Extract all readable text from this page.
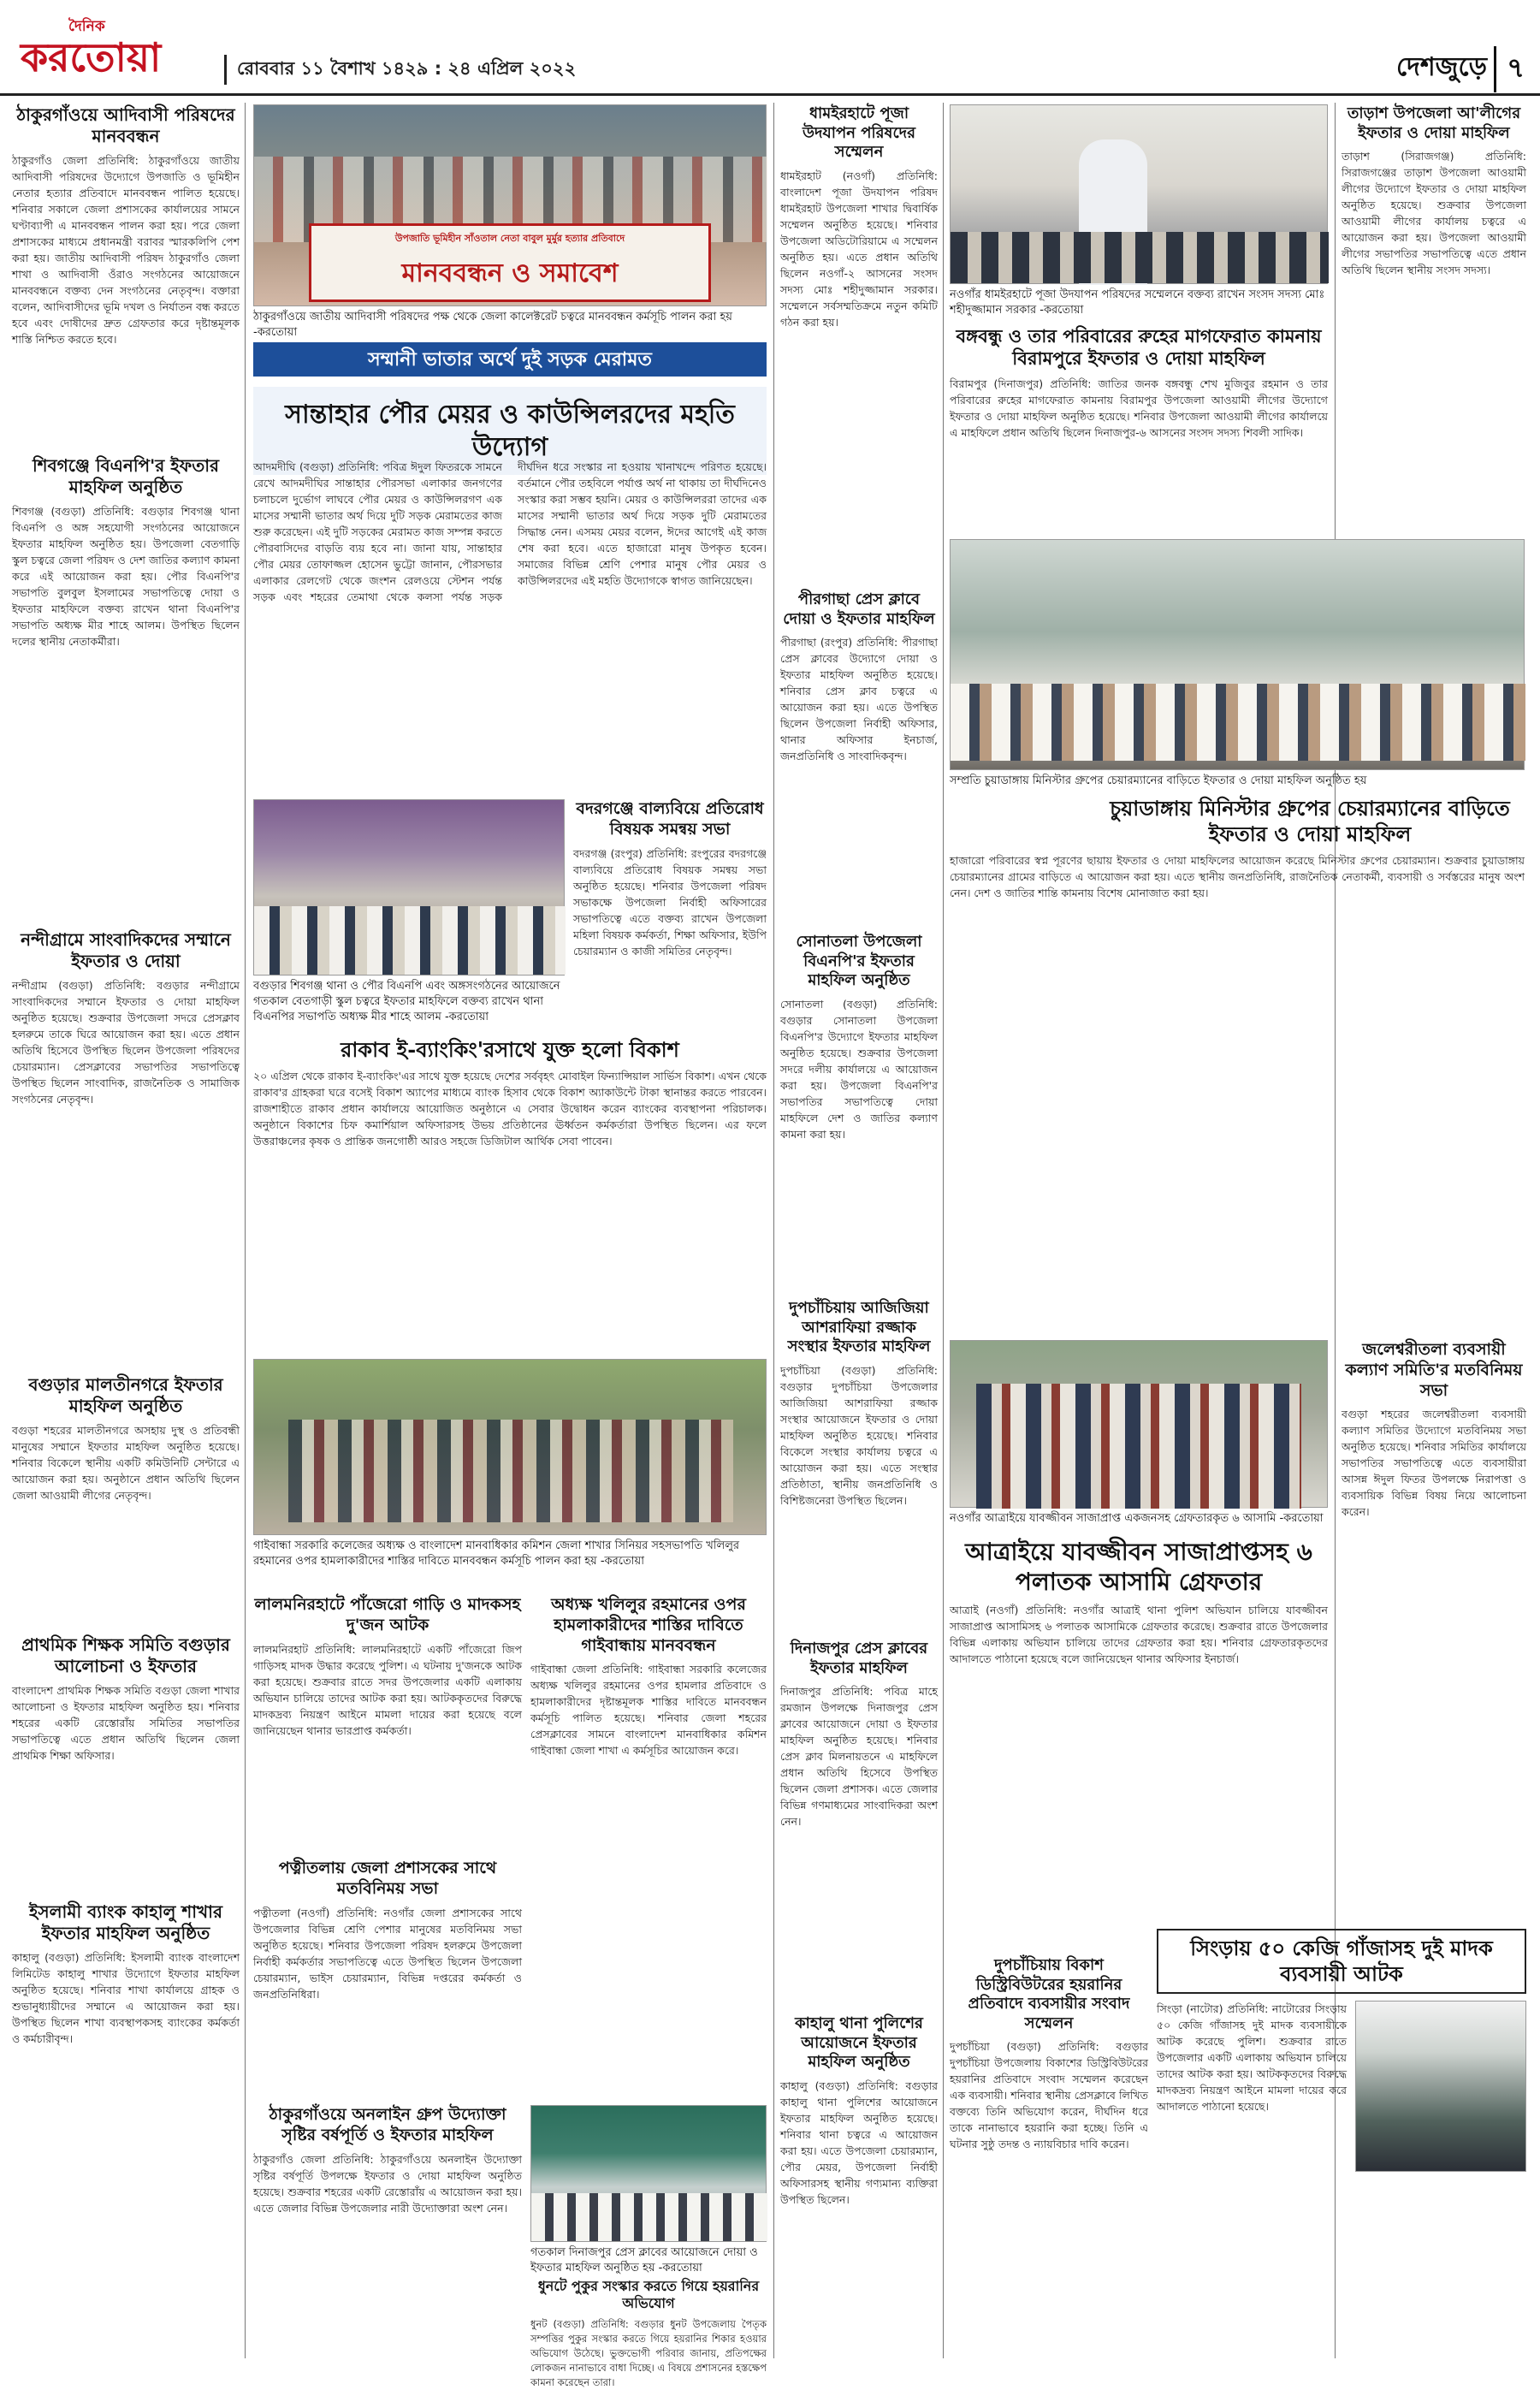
দৈনিক
করতোয়া	রোববার ১১ বৈশাখ ১৪২৯ : ২৪ এপ্রিল ২০২২	দেশজুড়ে ৭
ঠাকুরগাঁওয়ে আদিবাসী পরিষদের মানববন্ধন
ঠাকুরগাঁও জেলা প্রতিনিধি: ঠাকুরগাঁওয়ে জাতীয় আদিবাসী পরিষদের উদ্যোগে উপজাতি ও ভূমিহীন নেতার হত্যার প্রতিবাদে মানববন্ধন পালিত হয়েছে। শনিবার সকালে জেলা প্রশাসকের কার্যালয়ের সামনে ঘণ্টাব্যাপী এ মানববন্ধন পালন করা হয়। পরে জেলা প্রশাসকের মাধ্যমে প্রধানমন্ত্রী বরাবর স্মারকলিপি পেশ করা হয়। জাতীয় আদিবাসী পরিষদ ঠাকুরগাঁও জেলা শাখা ও আদিবাসী ওঁরাও সংগঠনের আয়োজনে মানববন্ধনে বক্তব্য দেন সংগঠনের নেতৃবৃন্দ। বক্তারা বলেন, আদিবাসীদের ভূমি দখল ও নির্যাতন বন্ধ করতে হবে এবং দোষীদের দ্রুত গ্রেফতার করে দৃষ্টান্তমূলক শাস্তি নিশ্চিত করতে হবে।
শিবগঞ্জে বিএনপি'র ইফতার মাহফিল অনুষ্ঠিত
শিবগঞ্জ (বগুড়া) প্রতিনিধি: বগুড়ার শিবগঞ্জ থানা বিএনপি ও অঙ্গ সহযোগী সংগঠনের আয়োজনে ইফতার মাহফিল অনুষ্ঠিত হয়। উপজেলা বেতগাড়ি স্কুল চত্বরে জেলা পরিষদ ও দেশ জাতির কল্যাণ কামনা করে এই আয়োজন করা হয়। পৌর বিএনপি'র সভাপতি বুলবুল ইসলামের সভাপতিত্বে দোয়া ও ইফতার মাহফিলে বক্তব্য রাখেন থানা বিএনপি'র সভাপতি অধ্যক্ষ মীর শাহে আলম। উপস্থিত ছিলেন দলের স্থানীয় নেতাকর্মীরা।
নন্দীগ্রামে সাংবাদিকদের সম্মানে ইফতার ও দোয়া
নন্দীগ্রাম (বগুড়া) প্রতিনিধি: বগুড়ার নন্দীগ্রামে সাংবাদিকদের সম্মানে ইফতার ও দোয়া মাহফিল অনুষ্ঠিত হয়েছে। শুক্রবার উপজেলা সদরে প্রেসক্লাব হলরুমে তাকে ঘিরে আয়োজন করা হয়। এতে প্রধান অতিথি হিসেবে উপস্থিত ছিলেন উপজেলা পরিষদের চেয়ারম্যান। প্রেসক্লাবের সভাপতির সভাপতিত্বে উপস্থিত ছিলেন সাংবাদিক, রাজনৈতিক ও সামাজিক সংগঠনের নেতৃবৃন্দ।
বগুড়ার মালতীনগরে ইফতার মাহফিল অনুষ্ঠিত
বগুড়া শহরের মালতীনগরে অসহায় দুস্থ ও প্রতিবন্ধী মানুষের সম্মানে ইফতার মাহফিল অনুষ্ঠিত হয়েছে। শনিবার বিকেলে স্থানীয় একটি কমিউনিটি সেন্টারে এ আয়োজন করা হয়। অনুষ্ঠানে প্রধান অতিথি ছিলেন জেলা আওয়ামী লীগের নেতৃবৃন্দ।
প্রাথমিক শিক্ষক সমিতি বগুড়ার আলোচনা ও ইফতার
বাংলাদেশ প্রাথমিক শিক্ষক সমিতি বগুড়া জেলা শাখার আলোচনা ও ইফতার মাহফিল অনুষ্ঠিত হয়। শনিবার শহরের একটি রেস্তোরাঁয় সমিতির সভাপতির সভাপতিত্বে এতে প্রধান অতিথি ছিলেন জেলা প্রাথমিক শিক্ষা অফিসার।
ইসলামী ব্যাংক কাহালু শাখার ইফতার মাহফিল অনুষ্ঠিত
কাহালু (বগুড়া) প্রতিনিধি: ইসলামী ব্যাংক বাংলাদেশ লিমিটেড কাহালু শাখার উদ্যোগে ইফতার মাহফিল অনুষ্ঠিত হয়েছে। শনিবার শাখা কার্যালয়ে গ্রাহক ও শুভানুধ্যায়ীদের সম্মানে এ আয়োজন করা হয়। উপস্থিত ছিলেন শাখা ব্যবস্থাপকসহ ব্যাংকের কর্মকর্তা ও কর্মচারীবৃন্দ।
উপজাতি ভূমিহীন সাঁওতাল নেতা বাবুল মুর্মুর হত্যার প্রতিবাদে
মানববন্ধন ও সমাবেশ
ঠাকুরগাঁওয়ে জাতীয় আদিবাসী পরিষদের পক্ষ থেকে জেলা কালেক্টরেট চত্বরে মানববন্ধন কর্মসূচি পালন করা হয় -করতোয়া
সম্মানী ভাতার অর্থে দুই সড়ক মেরামত
সান্তাহার পৌর মেয়র ও কাউন্সিলরদের মহতি উদ্যোগ
আদমদীঘি (বগুড়া) প্রতিনিধি: পবিত্র ঈদুল ফিতরকে সামনে রেখে আদমদীঘির সান্তাহার পৌরসভা এলাকার জনগণের চলাচলে দুর্ভোগ লাঘবে পৌর মেয়র ও কাউন্সিলরগণ এক মাসের সম্মানী ভাতার অর্থ দিয়ে দুটি সড়ক মেরামতের কাজ শুরু করেছেন। এই দুটি সড়কের মেরামত কাজ সম্পন্ন করতে পৌরবাসিদের বাড়তি ব্যয় হবে না। জানা যায়, সান্তাহার পৌর মেয়র তোফাজ্জল হোসেন ভুট্টো জানান, পৌরসভার এলাকার রেলগেট থেকে জংশন রেলওয়ে স্টেশন পর্যন্ত সড়ক এবং শহরের তেমাথা থেকে কলসা পর্যন্ত সড়ক দীর্ঘদিন ধরে সংস্কার না হওয়ায় খানাখন্দে পরিণত হয়েছে। বর্তমানে পৌর তহবিলে পর্যাপ্ত অর্থ না থাকায় তা দীর্ঘদিনেও সংস্কার করা সম্ভব হয়নি। মেয়র ও কাউন্সিলররা তাদের এক মাসের সম্মানী ভাতার অর্থ দিয়ে সড়ক দুটি মেরামতের সিদ্ধান্ত নেন। এসময় মেয়র বলেন, ঈদের আগেই এই কাজ শেষ করা হবে। এতে হাজারো মানুষ উপকৃত হবেন। সমাজের বিভিন্ন শ্রেণি পেশার মানুষ পৌর মেয়র ও কাউন্সিলরদের এই মহতি উদ্যোগকে স্বাগত জানিয়েছেন।
বগুড়ার শিবগঞ্জ থানা ও পৌর বিএনপি এবং অঙ্গসংগঠনের আয়োজনে গতকাল বেতগাড়ী স্কুল চত্বরে ইফতার মাহফিলে বক্তব্য রাখেন থানা বিএনপির সভাপতি অধ্যক্ষ মীর শাহে আলম -করতোয়া
রাকাব ই-ব্যাংকিং'রসাথে যুক্ত হলো বিকাশ
২০ এপ্রিল থেকে রাকাব ই-ব্যাংকিং'এর সাথে যুক্ত হয়েছে দেশের সর্ববৃহৎ মোবাইল ফিন্যান্সিয়াল সার্ভিস বিকাশ। এখন থেকে রাকাব'র গ্রাহকরা ঘরে বসেই বিকাশ অ্যাপের মাধ্যমে ব্যাংক হিসাব থেকে বিকাশ অ্যাকাউন্টে টাকা স্থানান্তর করতে পারবেন। রাজশাহীতে রাকাব প্রধান কার্যালয়ে আয়োজিত অনুষ্ঠানে এ সেবার উদ্বোধন করেন ব্যাংকের ব্যবস্থাপনা পরিচালক। অনুষ্ঠানে বিকাশের চিফ কমার্শিয়াল অফিসারসহ উভয় প্রতিষ্ঠানের ঊর্ধ্বতন কর্মকর্তারা উপস্থিত ছিলেন। এর ফলে উত্তরাঞ্চলের কৃষক ও প্রান্তিক জনগোষ্ঠী আরও সহজে ডিজিটাল আর্থিক সেবা পাবেন।
গাইবান্ধা সরকারি কলেজের অধ্যক্ষ ও বাংলাদেশ মানবাধিকার কমিশন জেলা শাখার সিনিয়র সহসভাপতি খলিলুর রহমানের ওপর হামলাকারীদের শাস্তির দাবিতে মানববন্ধন কর্মসূচি পালন করা হয় -করতোয়া
লালমনিরহাটে পাঁজেরো গাড়ি ও মাদকসহ দু'জন আটক
লালমনিরহাট প্রতিনিধি: লালমনিরহাটে একটি পাঁজেরো জিপ গাড়িসহ মাদক উদ্ধার করেছে পুলিশ। এ ঘটনায় দু'জনকে আটক করা হয়েছে। শুক্রবার রাতে সদর উপজেলার একটি এলাকায় অভিযান চালিয়ে তাদের আটক করা হয়। আটককৃতদের বিরুদ্ধে মাদকদ্রব্য নিয়ন্ত্রণ আইনে মামলা দায়ের করা হয়েছে বলে জানিয়েছেন থানার ভারপ্রাপ্ত কর্মকর্তা।
পত্নীতলায় জেলা প্রশাসকের সাথে মতবিনিময় সভা
পত্নীতলা (নওগাঁ) প্রতিনিধি: নওগাঁর জেলা প্রশাসকের সাথে উপজেলার বিভিন্ন শ্রেণি পেশার মানুষের মতবিনিময় সভা অনুষ্ঠিত হয়েছে। শনিবার উপজেলা পরিষদ হলরুমে উপজেলা নির্বাহী কর্মকর্তার সভাপতিত্বে এতে উপস্থিত ছিলেন উপজেলা চেয়ারম্যান, ভাইস চেয়ারম্যান, বিভিন্ন দপ্তরের কর্মকর্তা ও জনপ্রতিনিধিরা।
ঠাকুরগাঁওয়ে অনলাইন গ্রুপ উদ্যোক্তা সৃষ্টির বর্ষপূর্তি ও ইফতার মাহফিল
ঠাকুরগাঁও জেলা প্রতিনিধি: ঠাকুরগাঁওয়ে অনলাইন উদ্যোক্তা সৃষ্টির বর্ষপূর্তি উপলক্ষে ইফতার ও দোয়া মাহফিল অনুষ্ঠিত হয়েছে। শুক্রবার শহরের একটি রেস্তোরাঁয় এ আয়োজন করা হয়। এতে জেলার বিভিন্ন উপজেলার নারী উদ্যোক্তারা অংশ নেন।
বদরগঞ্জে বাল্যবিয়ে প্রতিরোধ বিষয়ক সমন্বয় সভা
বদরগঞ্জ (রংপুর) প্রতিনিধি: রংপুরের বদরগঞ্জে বাল্যবিয়ে প্রতিরোধ বিষয়ক সমন্বয় সভা অনুষ্ঠিত হয়েছে। শনিবার উপজেলা পরিষদ সভাকক্ষে উপজেলা নির্বাহী অফিসারের সভাপতিত্বে এতে বক্তব্য রাখেন উপজেলা মহিলা বিষয়ক কর্মকর্তা, শিক্ষা অফিসার, ইউপি চেয়ারম্যান ও কাজী সমিতির নেতৃবৃন্দ।
অধ্যক্ষ খলিলুর রহমানের ওপর হামলাকারীদের শাস্তির দাবিতে গাইবান্ধায় মানববন্ধন
গাইবান্ধা জেলা প্রতিনিধি: গাইবান্ধা সরকারি কলেজের অধ্যক্ষ খলিলুর রহমানের ওপর হামলার প্রতিবাদে ও হামলাকারীদের দৃষ্টান্তমূলক শাস্তির দাবিতে মানববন্ধন কর্মসূচি পালিত হয়েছে। শনিবার জেলা শহরের প্রেসক্লাবের সামনে বাংলাদেশ মানবাধিকার কমিশন গাইবান্ধা জেলা শাখা এ কর্মসূচির আয়োজন করে।
গতকাল দিনাজপুর প্রেস ক্লাবের আয়োজনে দোয়া ও ইফতার মাহফিল অনুষ্ঠিত হয় -করতোয়া
ধুনটে পুকুর সংস্কার করতে গিয়ে হয়রানির অভিযোগ
ধুনট (বগুড়া) প্রতিনিধি: বগুড়ার ধুনট উপজেলায় পৈতৃক সম্পত্তির পুকুর সংস্কার করতে গিয়ে হয়রানির শিকার হওয়ার অভিযোগ উঠেছে। ভুক্তভোগী পরিবার জানায়, প্রতিপক্ষের লোকজন নানাভাবে বাধা দিচ্ছে। এ বিষয়ে প্রশাসনের হস্তক্ষেপ কামনা করেছেন তারা।
ধামইরহাটে পূজা উদযাপন পরিষদের সম্মেলন
ধামইরহাট (নওগাঁ) প্রতিনিধি: বাংলাদেশ পূজা উদযাপন পরিষদ ধামইরহাট উপজেলা শাখার দ্বিবার্ষিক সম্মেলন অনুষ্ঠিত হয়েছে। শনিবার উপজেলা অডিটোরিয়ামে এ সম্মেলন অনুষ্ঠিত হয়। এতে প্রধান অতিথি ছিলেন নওগাঁ-২ আসনের সংসদ সদস্য মোঃ শহীদুজ্জামান সরকার। সম্মেলনে সর্বসম্মতিক্রমে নতুন কমিটি গঠন করা হয়।
পীরগাছা প্রেস ক্লাবে দোয়া ও ইফতার মাহফিল
পীরগাছা (রংপুর) প্রতিনিধি: পীরগাছা প্রেস ক্লাবের উদ্যোগে দোয়া ও ইফতার মাহফিল অনুষ্ঠিত হয়েছে। শনিবার প্রেস ক্লাব চত্বরে এ আয়োজন করা হয়। এতে উপস্থিত ছিলেন উপজেলা নির্বাহী অফিসার, থানার অফিসার ইনচার্জ, জনপ্রতিনিধি ও সাংবাদিকবৃন্দ।
সোনাতলা উপজেলা বিএনপি'র ইফতার মাহফিল অনুষ্ঠিত
সোনাতলা (বগুড়া) প্রতিনিধি: বগুড়ার সোনাতলা উপজেলা বিএনপি'র উদ্যোগে ইফতার মাহফিল অনুষ্ঠিত হয়েছে। শুক্রবার উপজেলা সদরে দলীয় কার্যালয়ে এ আয়োজন করা হয়। উপজেলা বিএনপি'র সভাপতির সভাপতিত্বে দোয়া মাহফিলে দেশ ও জাতির কল্যাণ কামনা করা হয়।
দুপচাঁচিয়ায় আজিজিয়া আশরাফিয়া রজ্জাক সংস্থার ইফতার মাহফিল
দুপচাঁচিয়া (বগুড়া) প্রতিনিধি: বগুড়ার দুপচাঁচিয়া উপজেলার আজিজিয়া আশরাফিয়া রজ্জাক সংস্থার আয়োজনে ইফতার ও দোয়া মাহফিল অনুষ্ঠিত হয়েছে। শনিবার বিকেলে সংস্থার কার্যালয় চত্বরে এ আয়োজন করা হয়। এতে সংস্থার প্রতিষ্ঠাতা, স্থানীয় জনপ্রতিনিধি ও বিশিষ্টজনেরা উপস্থিত ছিলেন।
দিনাজপুর প্রেস ক্লাবের ইফতার মাহফিল
দিনাজপুর প্রতিনিধি: পবিত্র মাহে রমজান উপলক্ষে দিনাজপুর প্রেস ক্লাবের আয়োজনে দোয়া ও ইফতার মাহফিল অনুষ্ঠিত হয়েছে। শনিবার প্রেস ক্লাব মিলনায়তনে এ মাহফিলে প্রধান অতিথি হিসেবে উপস্থিত ছিলেন জেলা প্রশাসক। এতে জেলার বিভিন্ন গণমাধ্যমের সাংবাদিকরা অংশ নেন।
কাহালু থানা পুলিশের আয়োজনে ইফতার মাহফিল অনুষ্ঠিত
কাহালু (বগুড়া) প্রতিনিধি: বগুড়ার কাহালু থানা পুলিশের আয়োজনে ইফতার মাহফিল অনুষ্ঠিত হয়েছে। শনিবার থানা চত্বরে এ আয়োজন করা হয়। এতে উপজেলা চেয়ারম্যান, পৌর মেয়র, উপজেলা নির্বাহী অফিসারসহ স্থানীয় গণ্যমান্য ব্যক্তিরা উপস্থিত ছিলেন।
নওগাঁর ধামইরহাটে পূজা উদযাপন পরিষদের সম্মেলনে বক্তব্য রাখেন সংসদ সদস্য মোঃ শহীদুজ্জামান সরকার -করতোয়া
বঙ্গবন্ধু ও তার পরিবারের রুহের মাগফেরাত কামনায় বিরামপুরে ইফতার ও দোয়া মাহফিল
বিরামপুর (দিনাজপুর) প্রতিনিধি: জাতির জনক বঙ্গবন্ধু শেখ মুজিবুর রহমান ও তার পরিবারের রুহের মাগফেরাত কামনায় বিরামপুর উপজেলা আওয়ামী লীগের উদ্যোগে ইফতার ও দোয়া মাহফিল অনুষ্ঠিত হয়েছে। শনিবার উপজেলা আওয়ামী লীগের কার্যালয়ে এ মাহফিলে প্রধান অতিথি ছিলেন দিনাজপুর-৬ আসনের সংসদ সদস্য শিবলী সাদিক।
সম্প্রতি চুয়াডাঙ্গায় মিনিস্টার গ্রুপের চেয়ারম্যানের বাড়িতে ইফতার ও দোয়া মাহফিল অনুষ্ঠিত হয়
চুয়াডাঙ্গায় মিনিস্টার গ্রুপের চেয়ারম্যানের বাড়িতে ইফতার ও দোয়া মাহফিল
হাজারো পরিবারের স্বপ্ন পূরণের ছায়ায় ইফতার ও দোয়া মাহফিলের আয়োজন করেছে মিনিস্টার গ্রুপের চেয়ারম্যান। শুক্রবার চুয়াডাঙ্গায় চেয়ারম্যানের গ্রামের বাড়িতে এ আয়োজন করা হয়। এতে স্থানীয় জনপ্রতিনিধি, রাজনৈতিক নেতাকর্মী, ব্যবসায়ী ও সর্বস্তরের মানুষ অংশ নেন। দেশ ও জাতির শান্তি কামনায় বিশেষ মোনাজাত করা হয়।
নওগাঁর আত্রাইয়ে যাবজ্জীবন সাজাপ্রাপ্ত একজনসহ গ্রেফতারকৃত ৬ আসামি -করতোয়া
আত্রাইয়ে যাবজ্জীবন সাজাপ্রাপ্তসহ ৬ পলাতক আসামি গ্রেফতার
আত্রাই (নওগাঁ) প্রতিনিধি: নওগাঁর আত্রাই থানা পুলিশ অভিযান চালিয়ে যাবজ্জীবন সাজাপ্রাপ্ত আসামিসহ ৬ পলাতক আসামিকে গ্রেফতার করেছে। শুক্রবার রাতে উপজেলার বিভিন্ন এলাকায় অভিযান চালিয়ে তাদের গ্রেফতার করা হয়। শনিবার গ্রেফতারকৃতদের আদালতে পাঠানো হয়েছে বলে জানিয়েছেন থানার অফিসার ইনচার্জ।
দুপচাঁচিয়ায় বিকাশ ডিস্ট্রিবিউটরের হয়রানির প্রতিবাদে ব্যবসায়ীর সংবাদ সম্মেলন
দুপচাঁচিয়া (বগুড়া) প্রতিনিধি: বগুড়ার দুপচাঁচিয়া উপজেলায় বিকাশের ডিস্ট্রিবিউটরের হয়রানির প্রতিবাদে সংবাদ সম্মেলন করেছেন এক ব্যবসায়ী। শনিবার স্থানীয় প্রেসক্লাবে লিখিত বক্তব্যে তিনি অভিযোগ করেন, দীর্ঘদিন ধরে তাকে নানাভাবে হয়রানি করা হচ্ছে। তিনি এ ঘটনার সুষ্ঠু তদন্ত ও ন্যায়বিচার দাবি করেন।
তাড়াশ উপজেলা আ'লীগের ইফতার ও দোয়া মাহফিল
তাড়াশ (সিরাজগঞ্জ) প্রতিনিধি: সিরাজগঞ্জের তাড়াশ উপজেলা আওয়ামী লীগের উদ্যোগে ইফতার ও দোয়া মাহফিল অনুষ্ঠিত হয়েছে। শুক্রবার উপজেলা আওয়ামী লীগের কার্যালয় চত্বরে এ আয়োজন করা হয়। উপজেলা আওয়ামী লীগের সভাপতির সভাপতিত্বে এতে প্রধান অতিথি ছিলেন স্থানীয় সংসদ সদস্য।
জলেশ্বরীতলা ব্যবসায়ী কল্যাণ সমিতি'র মতবিনিময় সভা
বগুড়া শহরের জলেশ্বরীতলা ব্যবসায়ী কল্যাণ সমিতির উদ্যোগে মতবিনিময় সভা অনুষ্ঠিত হয়েছে। শনিবার সমিতির কার্যালয়ে সভাপতির সভাপতিত্বে এতে ব্যবসায়ীরা আসন্ন ঈদুল ফিতর উপলক্ষে নিরাপত্তা ও ব্যবসায়িক বিভিন্ন বিষয় নিয়ে আলোচনা করেন।
সিংড়ায় ৫০ কেজি গাঁজাসহ দুই মাদক ব্যবসায়ী আটক
সিংড়া (নাটোর) প্রতিনিধি: নাটোরের সিংড়ায় ৫০ কেজি গাঁজাসহ দুই মাদক ব্যবসায়ীকে আটক করেছে পুলিশ। শুক্রবার রাতে উপজেলার একটি এলাকায় অভিযান চালিয়ে তাদের আটক করা হয়। আটককৃতদের বিরুদ্ধে মাদকদ্রব্য নিয়ন্ত্রণ আইনে মামলা দায়ের করে আদালতে পাঠানো হয়েছে।
